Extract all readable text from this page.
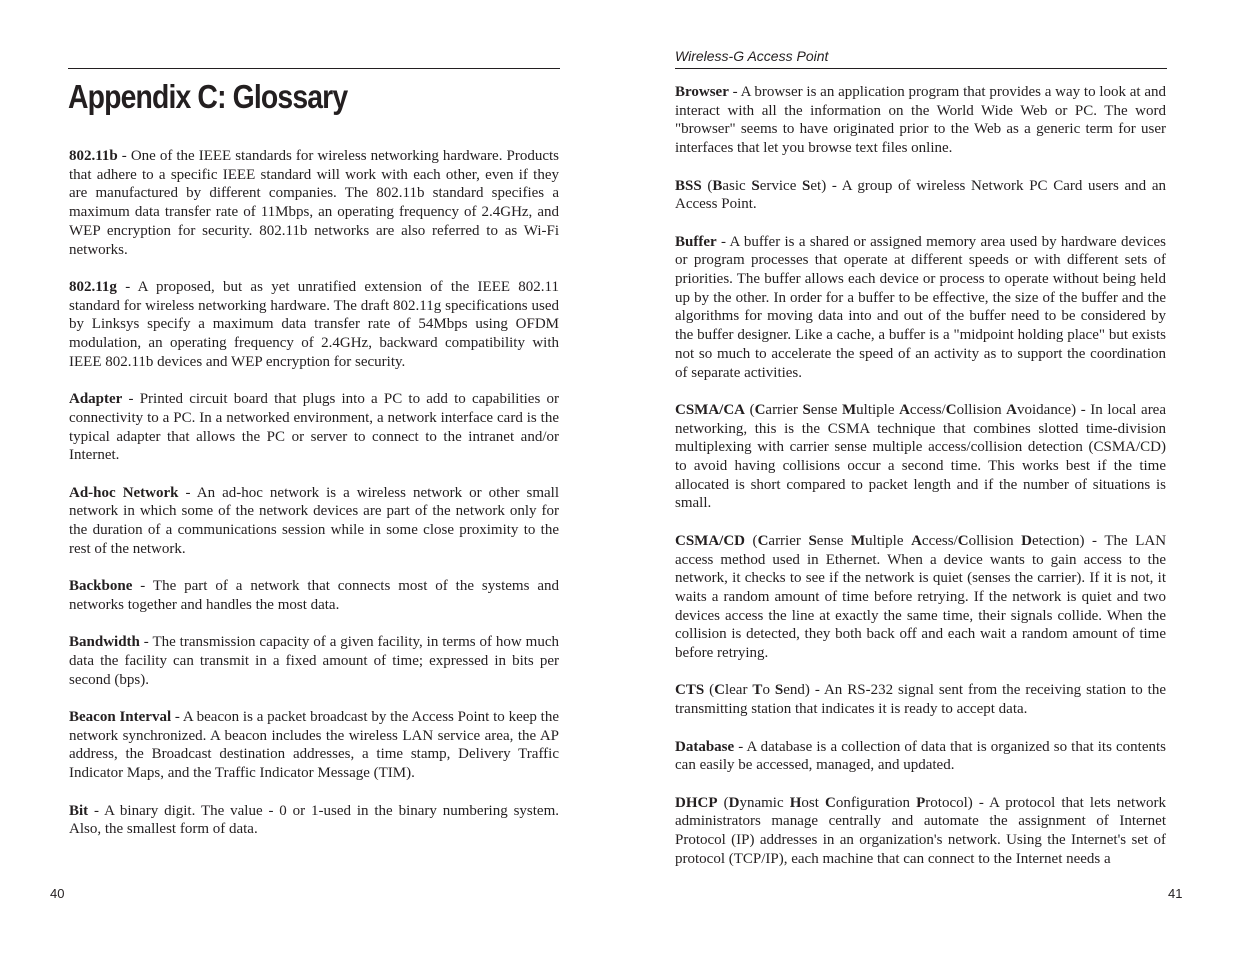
Appendix C: Glossary

802.11b - One of the IEEE standards for wireless networking hardware. Products that adhere to a specific IEEE standard will work with each other, even if they are manufactured by different companies. The 802.11b standard specifies a maximum data transfer rate of 11Mbps, an operating frequency of 2.4GHz, and WEP encryption for security. 802.11b networks are also referred to as Wi-Fi networks.

802.11g - A proposed, but as yet unratified extension of the IEEE 802.11 standard for wireless networking hardware. The draft 802.11g specifications used by Linksys specify a maximum data transfer rate of 54Mbps using OFDM modulation, an operating frequency of 2.4GHz, backward compatibility with IEEE 802.11b devices and WEP encryption for security.

Adapter - Printed circuit board that plugs into a PC to add to capabilities or connectivity to a PC. In a networked environment, a network interface card is the typical adapter that allows the PC or server to connect to the intranet and/or Internet.

Ad-hoc Network - An ad-hoc network is a wireless network or other small network in which some of the network devices are part of the network only for the duration of a communications session while in some close proximity to the rest of the network.

Backbone - The part of a network that connects most of the systems and networks together and handles the most data.

Bandwidth - The transmission capacity of a given facility, in terms of how much data the facility can transmit in a fixed amount of time; expressed in bits per second (bps).

Beacon Interval - A beacon is a packet broadcast by the Access Point to keep the network synchronized. A beacon includes the wireless LAN service area, the AP address, the Broadcast destination addresses, a time stamp, Delivery Traffic Indicator Maps, and the Traffic Indicator Message (TIM).

Bit - A binary digit. The value - 0 or 1-used in the binary numbering system. Also, the smallest form of data.

40
Wireless-G Access Point

Browser - A browser is an application program that provides a way to look at and interact with all the information on the World Wide Web or PC. The word "browser" seems to have originated prior to the Web as a generic term for user interfaces that let you browse text files online.

BSS (Basic Service Set) - A group of wireless Network PC Card users and an Access Point.

Buffer - A buffer is a shared or assigned memory area used by hardware devices or program processes that operate at different speeds or with different sets of priorities. The buffer allows each device or process to operate without being held up by the other. In order for a buffer to be effective, the size of the buffer and the algorithms for moving data into and out of the buffer need to be considered by the buffer designer. Like a cache, a buffer is a "midpoint holding place" but exists not so much to accelerate the speed of an activity as to support the coordination of separate activities.

CSMA/CA (Carrier Sense Multiple Access/Collision Avoidance) - In local area networking, this is the CSMA technique that combines slotted time-division multiplexing with carrier sense multiple access/collision detection (CSMA/CD) to avoid having collisions occur a second time. This works best if the time allocated is short compared to packet length and if the number of situations is small.

CSMA/CD (Carrier Sense Multiple Access/Collision Detection) - The LAN access method used in Ethernet. When a device wants to gain access to the network, it checks to see if the network is quiet (senses the carrier). If it is not, it waits a random amount of time before retrying. If the network is quiet and two devices access the line at exactly the same time, their signals collide. When the collision is detected, they both back off and each wait a random amount of time before retrying.

CTS (Clear To Send) - An RS-232 signal sent from the receiving station to the transmitting station that indicates it is ready to accept data.

Database - A database is a collection of data that is organized so that its contents can easily be accessed, managed, and updated.

DHCP (Dynamic Host Configuration Protocol) - A protocol that lets network administrators manage centrally and automate the assignment of Internet Protocol (IP) addresses in an organization's network. Using the Internet's set of protocol (TCP/IP), each machine that can connect to the Internet needs a

41
